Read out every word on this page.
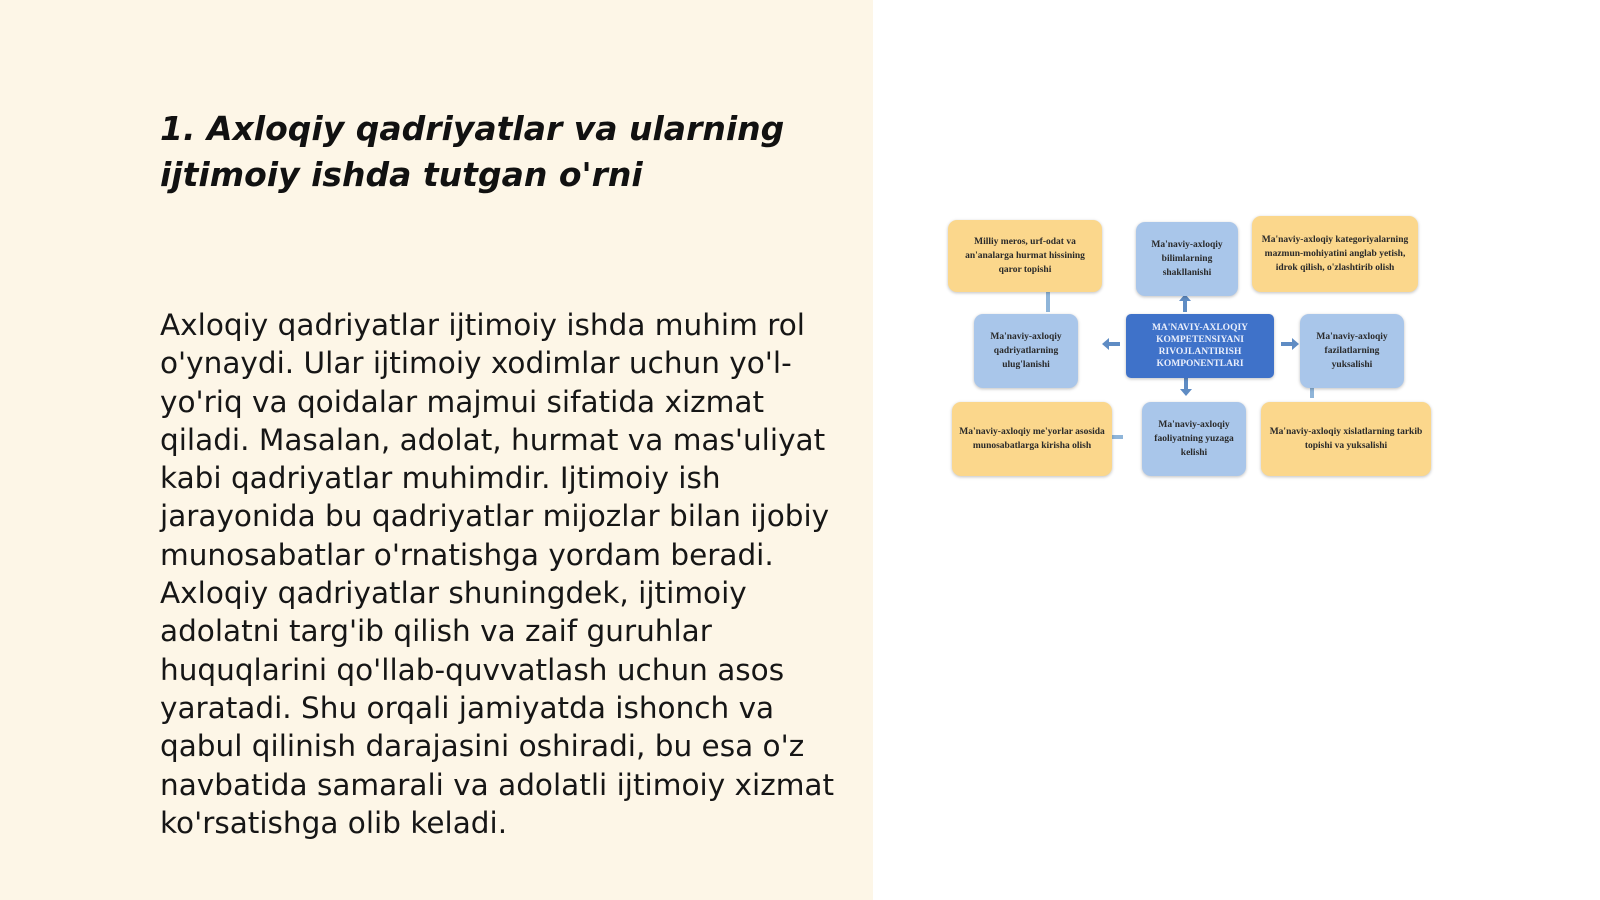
1. Axloqiy qadriyatlar va ularning ijtimoiy ishda tutgan o'rni

Axloqiy qadriyatlar ijtimoiy ishda muhim rol o'ynaydi. Ular ijtimoiy xodimlar uchun yo'l-yo'riq va qoidalar majmui sifatida xizmat qiladi. Masalan, adolat, hurmat va mas'uliyat kabi qadriyatlar muhimdir. Ijtimoiy ish jarayonida bu qadriyatlar mijozlar bilan ijobiy munosabatlar o'rnatishga yordam beradi. Axloqiy qadriyatlar shuningdek, ijtimoiy adolatni targ'ib qilish va zaif guruhlar huquqlarini qo'llab-quvvatlash uchun asos yaratadi. Shu orqali jamiyatda ishonch va qabul qilinish darajasini oshiradi, bu esa o'z navbatida samarali va adolatli ijtimoiy xizmat ko'rsatishga olib keladi.

Milliy meros, urf-odat va an'analarga hurmat hissining qaror topishi
Ma'naviy-axloqiy bilimlarning shakllanishi
Ma'naviy-axloqiy kategoriyalarning mazmun-mohiyatini anglab yetish, idrok qilish, o'zlashtirib olish
Ma'naviy-axloqiy qadriyatlarning ulug'lanishi
MA'NAVIY-AXLOQIY KOMPETENSIYANI RIVOJLANTIRISH KOMPONENTLARI
Ma'naviy-axloqiy fazilatlarning yuksalishi
Ma'naviy-axloqiy me'yorlar asosida munosabatlarga kirisha olish
Ma'naviy-axloqiy faoliyatning yuzaga kelishi
Ma'naviy-axloqiy xislatlarning tarkib topishi va yuksalishi
